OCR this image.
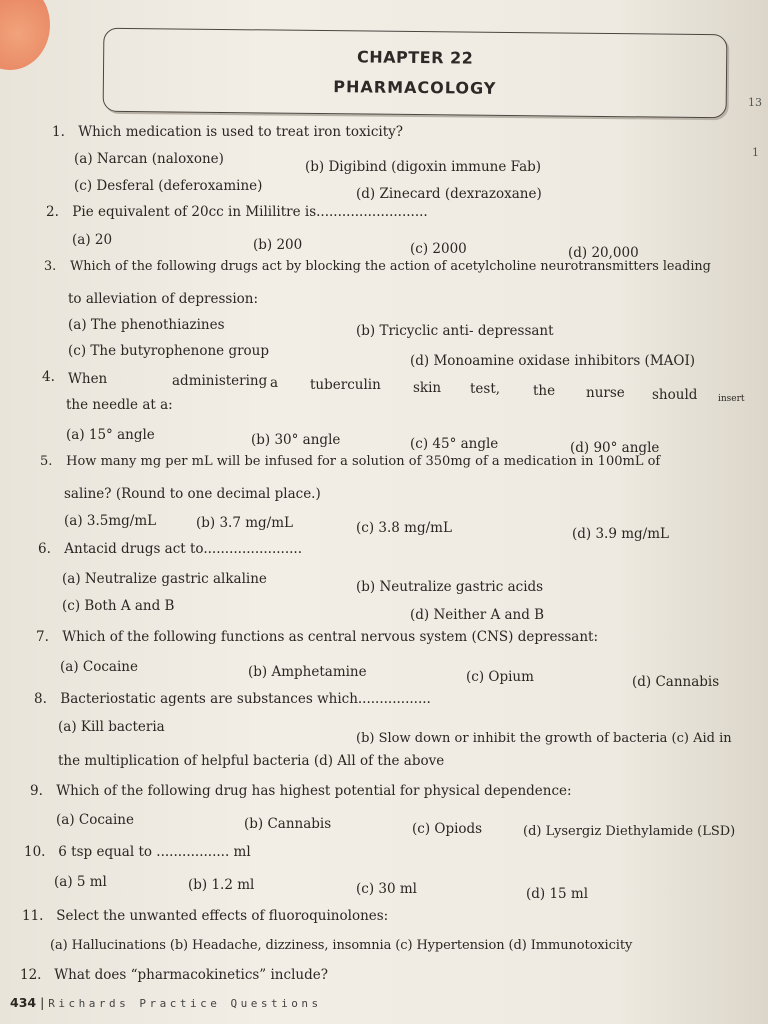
CHAPTER 22
PHARMACOLOGY
13
1
1. Which medication is used to treat iron toxicity?
(a) Narcan (naloxone)	(b) Digibind (digoxin immune Fab)
(c) Desferal (deferoxamine)	(d) Zinecard (dexrazoxane)
2. Pie equivalent of 20cc in Mililitre is..........................
(a) 20	(b) 200	(c) 2000	(d) 20,000
3. Which of the following drugs act by blocking the action of acetylcholine neurotransmitters leading
to alleviation of depression:
(a) The phenothiazines	(b) Tricyclic anti- depressant
(c) The butyrophenone group
(d) Monoamine oxidase inhibitors (MAOI)
4. When	administering a tuberculin skin test, the nurse should insert
the needle at a:
(a) 15° angle	(b) 30° angle	(c) 45° angle	(d) 90° angle
5. How many mg per mL will be infused for a solution of 350mg of a medication in 100mL of
saline? (Round to one decimal place.)
(a) 3.5mg/mL	(b) 3.7 mg/mL	(c) 3.8 mg/mL	(d) 3.9 mg/mL
6. Antacid drugs act to.......................
(a) Neutralize gastric alkaline	(b) Neutralize gastric acids
(c) Both A and B
(d) Neither A and B
7. Which of the following functions as central nervous system (CNS) depressant:
(a) Cocaine	(b) Amphetamine	(c) Opium	(d) Cannabis
8. Bacteriostatic agents are substances which.................
(a) Kill bacteria
(b) Slow down or inhibit the growth of bacteria (c) Aid in
the multiplication of helpful bacteria (d) All of the above
9. Which of the following drug has highest potential for physical dependence:
(a) Cocaine	(b) Cannabis	(c) Opiods	(d) Lysergiz Diethylamide (LSD)
10. 6 tsp equal to ................. ml
(a) 5 ml	(b) 1.2 ml	(c) 30 ml	(d) 15 ml
11. Select the unwanted effects of fluoroquinolones:
(a) Hallucinations (b) Headache, dizziness, insomnia (c) Hypertension (d) Immunotoxicity
12. What does “pharmacokinetics” include?
434 | Richards Practice Questions
